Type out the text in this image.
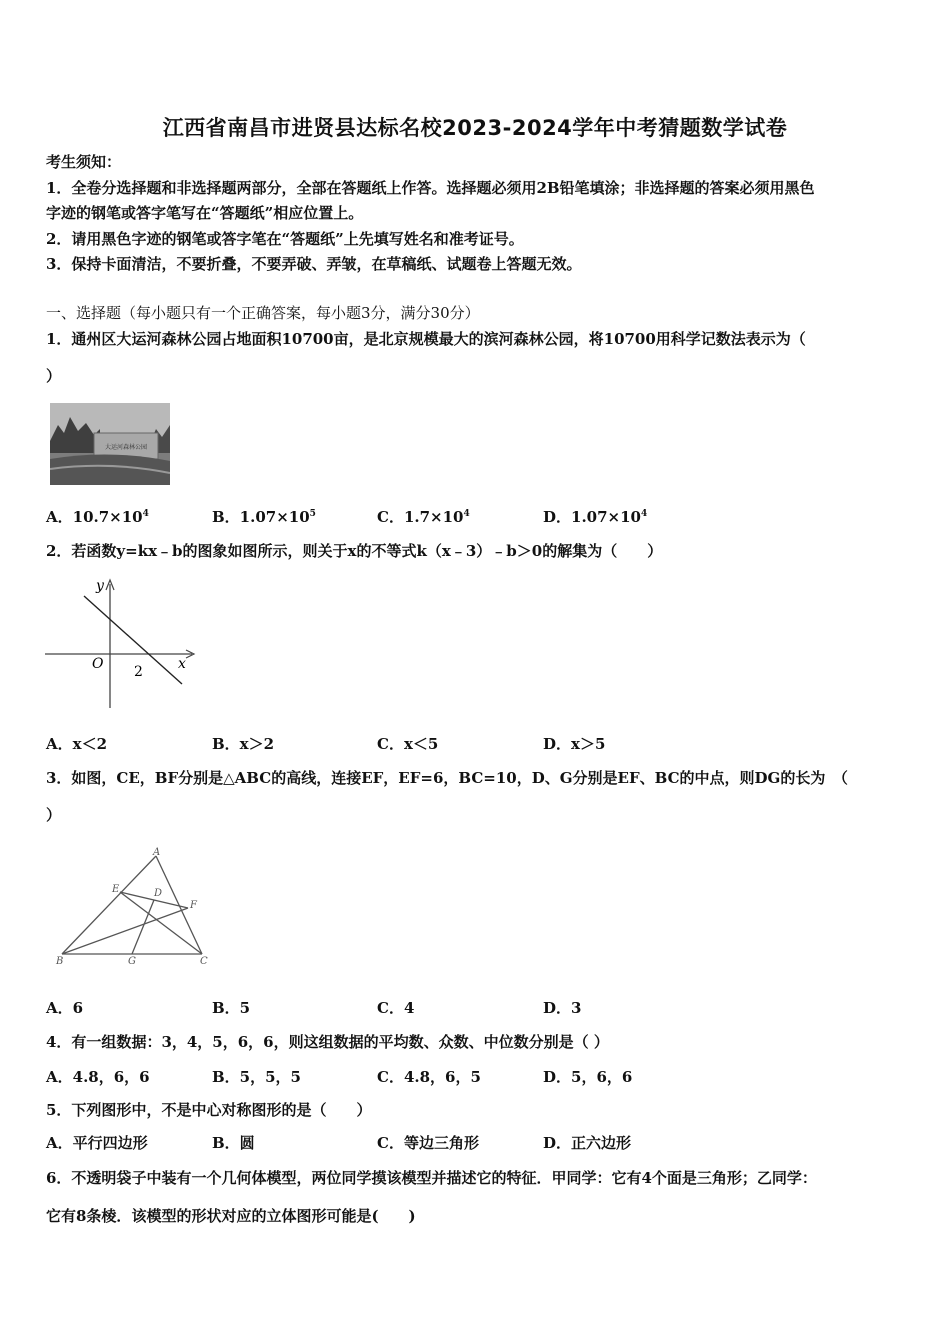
江西省南昌市进贤县达标名校2023-2024学年中考猜题数学试卷
考生须知：
1．全卷分选择题和非选择题两部分，全部在答题纸上作答。选择题必须用2B铅笔填涂；非选择题的答案必须用黑色
字迹的钢笔或答字笔写在“答题纸”相应位置上。
2．请用黑色字迹的钢笔或答字笔在“答题纸”上先填写姓名和准考证号。
3．保持卡面清洁，不要折叠，不要弄破、弄皱，在草稿纸、试题卷上答题无效。
一、选择题（每小题只有一个正确答案，每小题3分，满分30分）
1．通州区大运河森林公园占地面积10700亩，是北京规模最大的滨河森林公园，将10700用科学记数法表示为（
）
大运河森林公园
A．$10.7\times 10^4$	B．$1.07\times 10^5$	C．$1.7\times 10^4$	D．$1.07\times 10^4$
2．若函数y=kx﹣b的图象如图所示，则关于x的不等式k（x﹣3）﹣b＞0的解集为（　　）
y
x
O 2
A．x＜2	B．x＞2	C．x＜5	D．x＞5
3．如图，CE，BF分别是△ABC的高线，连接EF，EF=6，BC=10，D、G分别是EF、BC的中点，则DG的长为　（
）
A
B	C
D
E
F
G
A．6	B．5	C．4	D．3
4．有一组数据：3，4，5，6，6，则这组数据的平均数、众数、中位数分别是（ ）
A．4.8，6，6	B．5，5，5	C．4.8，6，5	D．5，6，6
5．下列图形中，不是中心对称图形的是（　　）
A．平行四边形	B．圆	C．等边三角形	D．正六边形
6．不透明袋子中装有一个几何体模型，两位同学摸该模型并描述它的特征．甲同学：它有4个面是三角形；乙同学：
它有8条棱．该模型的形状对应的立体图形可能是(　　)
